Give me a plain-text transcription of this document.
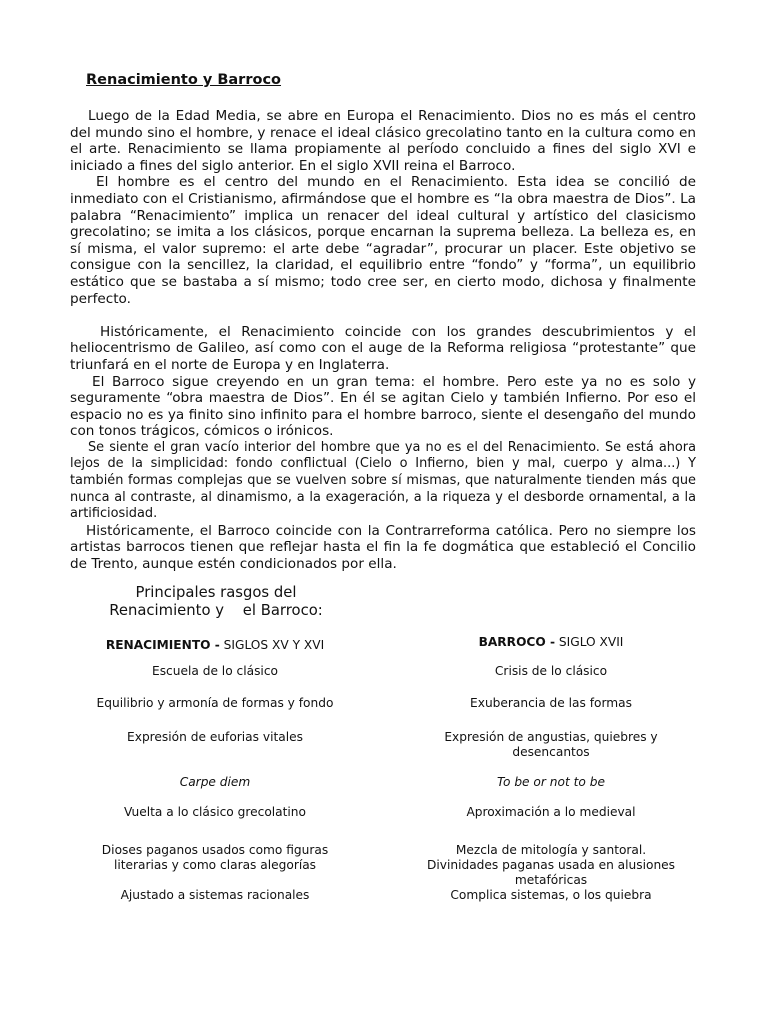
Renacimiento y Barroco

Luego de la Edad Media, se abre en Europa el Renacimiento. Dios no es más el centro del mundo sino el hombre, y renace el ideal clásico grecolatino tanto en la cultura como en el arte. Renacimiento se llama propiamente al período concluido a fines del siglo XVI e iniciado a fines del siglo anterior. En el siglo XVII reina el Barroco.

El hombre es el centro del mundo en el Renacimiento. Esta idea se concilió de inmediato con el Cristianismo, afirmándose que el hombre es “la obra maestra de Dios”. La palabra “Renacimiento” implica un renacer del ideal cultural y artístico del clasicismo grecolatino; se imita a los clásicos, porque encarnan la suprema belleza. La belleza es, en sí misma, el valor supremo: el arte debe “agradar”, procurar un placer. Este objetivo se consigue con la sencillez, la claridad, el equilibrio entre “fondo” y “forma”, un equilibrio estático que se bastaba a sí mismo; todo cree ser, en cierto modo, dichosa y finalmente perfecto.

Históricamente, el Renacimiento coincide con los grandes descubrimientos y el heliocentrismo de Galileo, así como con el auge de la Reforma religiosa “protestante” que triunfará en el norte de Europa y en Inglaterra.

El Barroco sigue creyendo en un gran tema: el hombre. Pero este ya no es solo y seguramente “obra maestra de Dios”. En él se agitan Cielo y también Infierno. Por eso el espacio no es ya finito sino infinito para el hombre barroco, siente el desengaño del mundo con tonos trágicos, cómicos o irónicos.

Se siente el gran vacío interior del hombre que ya no es el del Renacimiento. Se está ahora lejos de la simplicidad: fondo conflictual (Cielo o Infierno, bien y mal, cuerpo y alma...) Y también formas complejas que se vuelven sobre sí mismas, que naturalmente tienden más que nunca al contraste, al dinamismo, a la exageración, a la riqueza y el desborde ornamental, a la artificiosidad.

Históricamente, el Barroco coincide con la Contrarreforma católica. Pero no siempre los artistas barrocos tienen que reflejar hasta el fin la fe dogmática que estableció el Concilio de Trento, aunque estén condicionados por ella.

Principales rasgos del
Renacimiento y    el Barroco:
RENACIMIENTO - SIGLOS XV Y XVI		BARROCO - SIGLO XVII
Escuela de lo clásico		Crisis de lo clásico
Equilibrio y armonía de formas y fondo		Exuberancia de las formas
Expresión de euforias vitales		Expresión de angustias, quiebres y desencantos
Carpe diem		To be or not to be
Vuelta a lo clásico grecolatino		Aproximación a lo medieval
Dioses paganos usados como figuras literarias y como claras alegorías		Mezcla de mitología y santoral.
Divinidades paganas usada en alusiones metafóricas

Ajustado a sistemas racionales		Complica sistemas, o los quiebra
